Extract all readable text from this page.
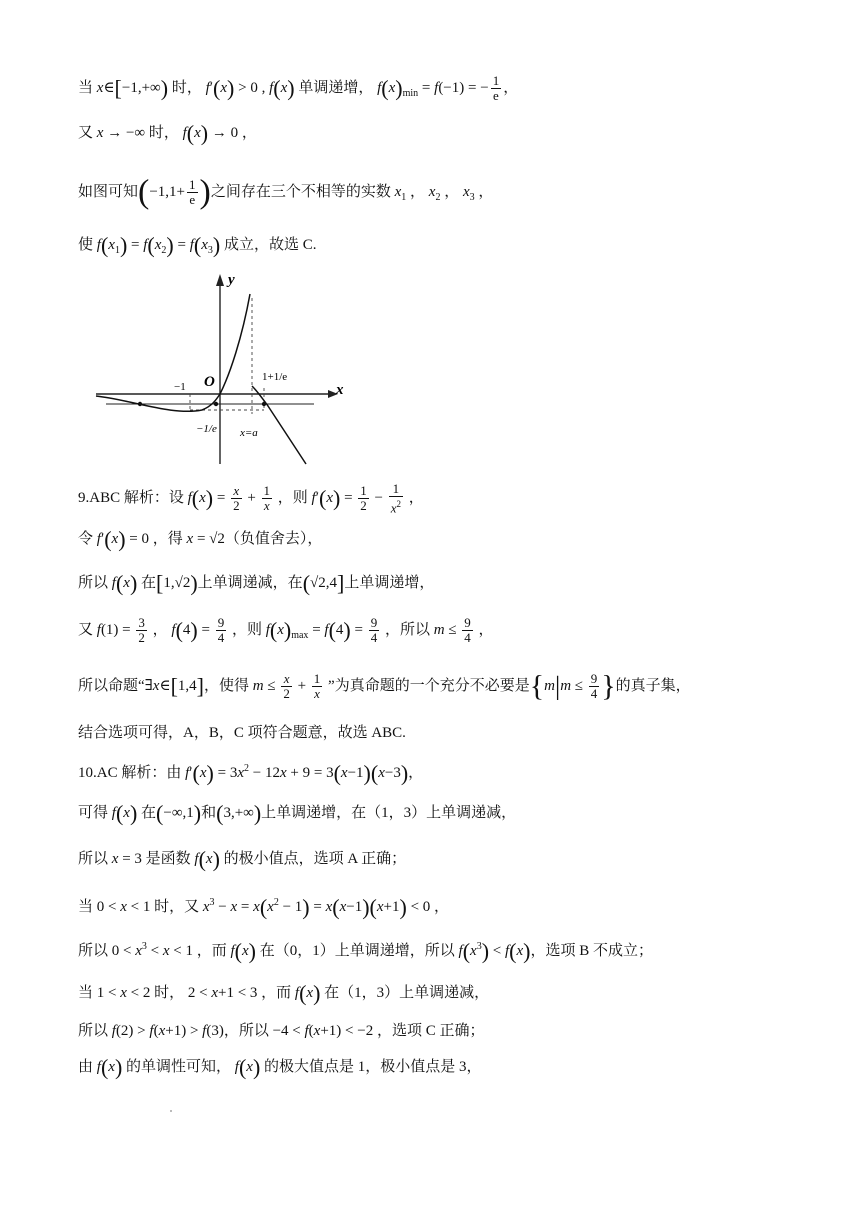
当 x∈[−1,+∞) 时， f′(x) > 0 , f(x) 单调递增， $f(x)_{min} = f(-1)$ = − $\frac{1}{e}$ ，
又 x → −∞ 时， f(x) → 0 ，
如图可知($-1,1+ \frac{1}{e}$ )之间存在三个不相等的实数 $x_1$ ， $x_2$ ， $x_3$ ，
使 $f(x_1) = f(x_2) = f(x_3)$ 成立，故选 C.
y
x
O
−1
−1/e x=a
1+1/e
9.ABC 解析：设 $f(x) = \frac{x}{2} + \frac{1}{x}$ ，则 $f'(x) = \frac{1}{2} - \frac{1}{x^2}$ ，
令 f′(x) = 0 ，得 x = √2（负值舍去），
所以 f(x) 在[1,√2)上单调递减，在(√2,4]上单调递增，
又 $f(1) = \frac{3}{2}$ ， $f(4) = \frac{9}{4}$ ，则 $f(x)_{max} = f(4) = \frac{9}{4}$ ，所以 $m \le \frac{9}{4}$ ，
所以命题“∃x∈[1,4]，使得 $m \le \frac{x}{2} + \frac{1}{x}$ ”为真命题的一个充分不必要是{$m|m \le \frac{9}{4}$ }的真子集，
结合选项可得，A，B，C 项符合题意，故选 ABC.
10.AC 解析：由 $f'(x) = 3x^2 - 12x + 9 = 3(x-1)(x-3)$，
可得 f(x) 在(−∞,1)和(3,+∞)上单调递增，在（1，3）上单调递减，
所以 x = 3 是函数 f(x) 的极小值点，选项 A 正确；
当 0 < x < 1 时，又 $x^3 - x = x(x^2 - 1) = x(x-1)(x+1) < 0$ ，
所以 $0 < x^3 < x < 1$ ，而 f(x) 在（0，1）上单调递增，所以 $f(x^3) < f(x)$，选项 B 不成立；
当 1 < x < 2 时， 2 < x+1 < 3 ，而 f(x) 在（1，3）上单调递减，
所以 f(2) > f(x+1) > f(3)，所以 −4 < f(x+1) < −2 ，选项 C 正确；
由 f(x) 的单调性可知， f(x) 的极大值点是 1，极小值点是 3，
